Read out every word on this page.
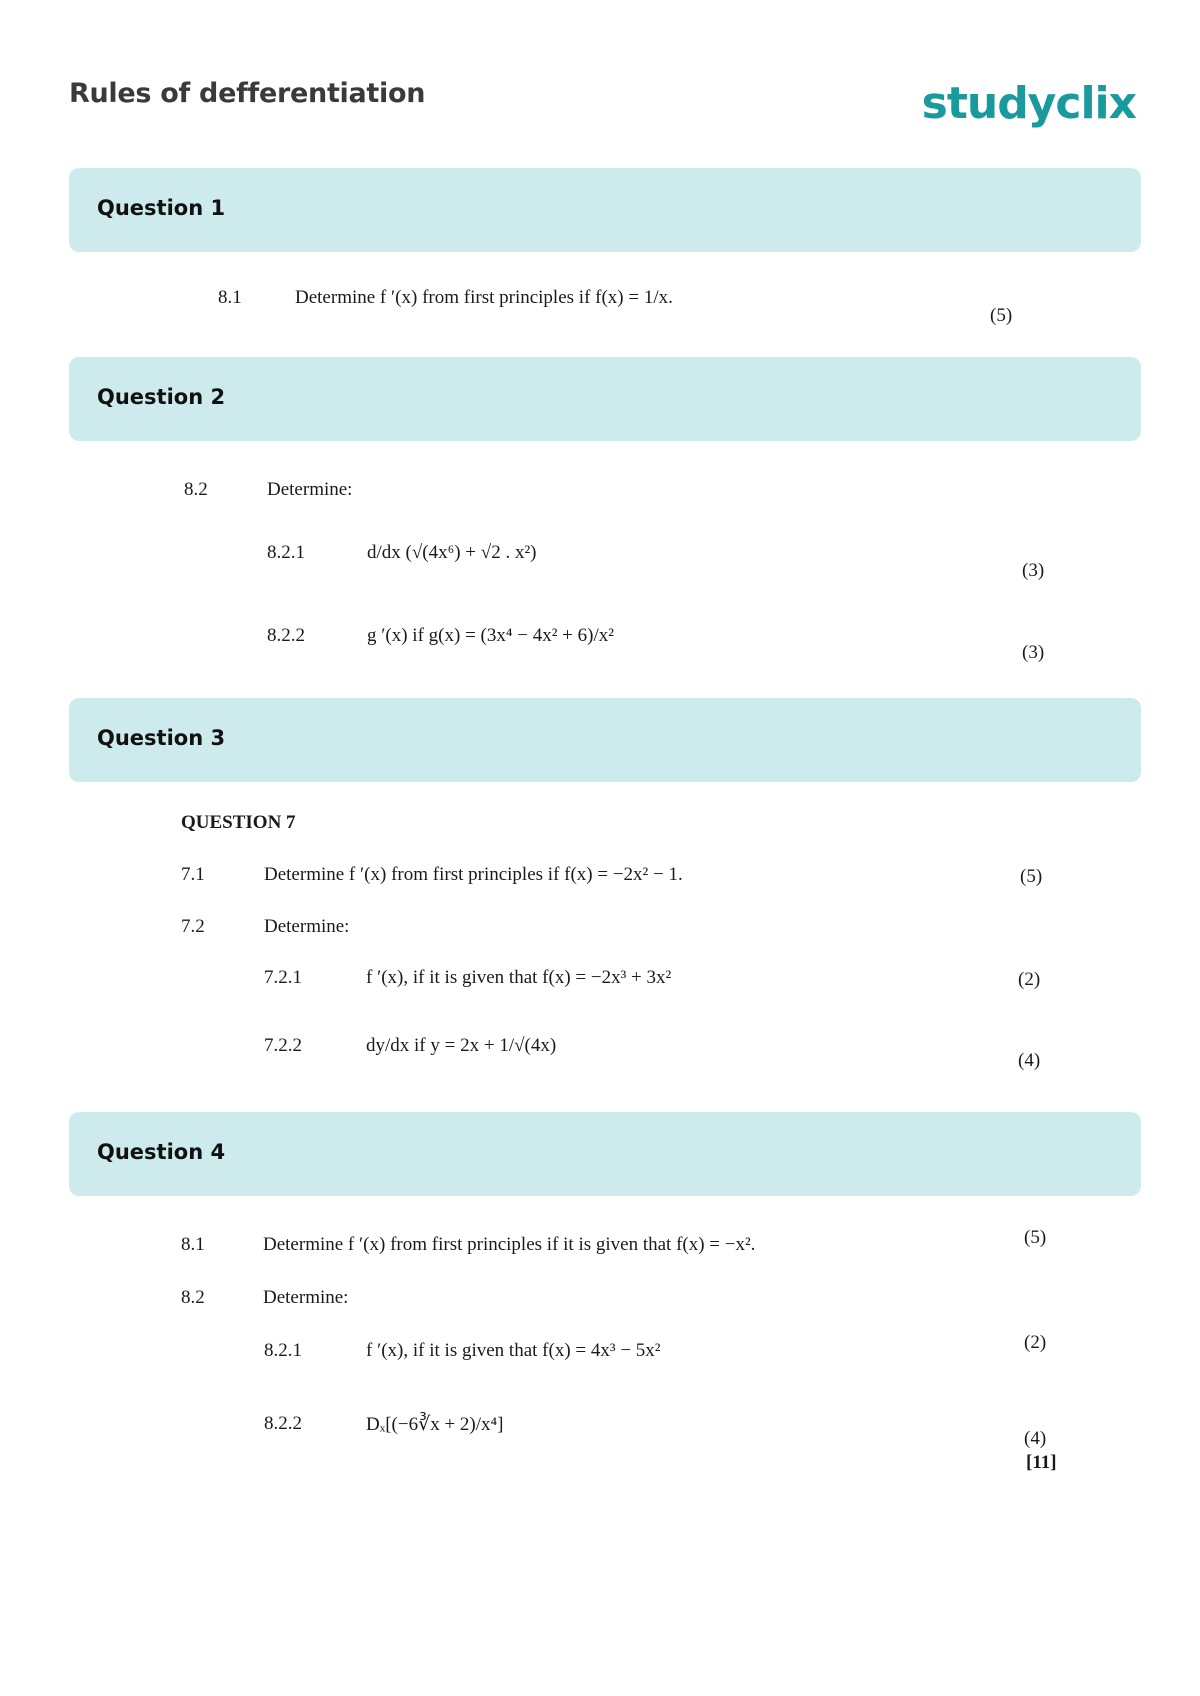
Rules of defferentiation	studyclix
Question 1
8.1	Determine f ′(x) from first principles if f(x) = 1/x.
(5)
Question 2
8.2	Determine:
8.2.1	d/dx (√(4x⁶) + √2 . x²)
(3)
8.2.2	g ′(x) if g(x) = (3x⁴ − 4x² + 6)/x²
(3)
Question 3
QUESTION 7
7.1	Determine f ′(x) from first principles if f(x) = −2x² − 1.	(5)
7.2	Determine:
7.2.1	f ′(x), if it is given that f(x) = −2x³ + 3x²	(2)
7.2.2	dy/dx if y = 2x + 1/√(4x)
(4)
Question 4
8.1	Determine f ′(x) from first principles if it is given that f(x) = −x².	(5)
8.2	Determine:
8.2.1	f ′(x), if it is given that f(x) = 4x³ − 5x²	(2)
8.2.2	Dₓ[(−6∛x + 2)/x⁴]
(4)
[11]
